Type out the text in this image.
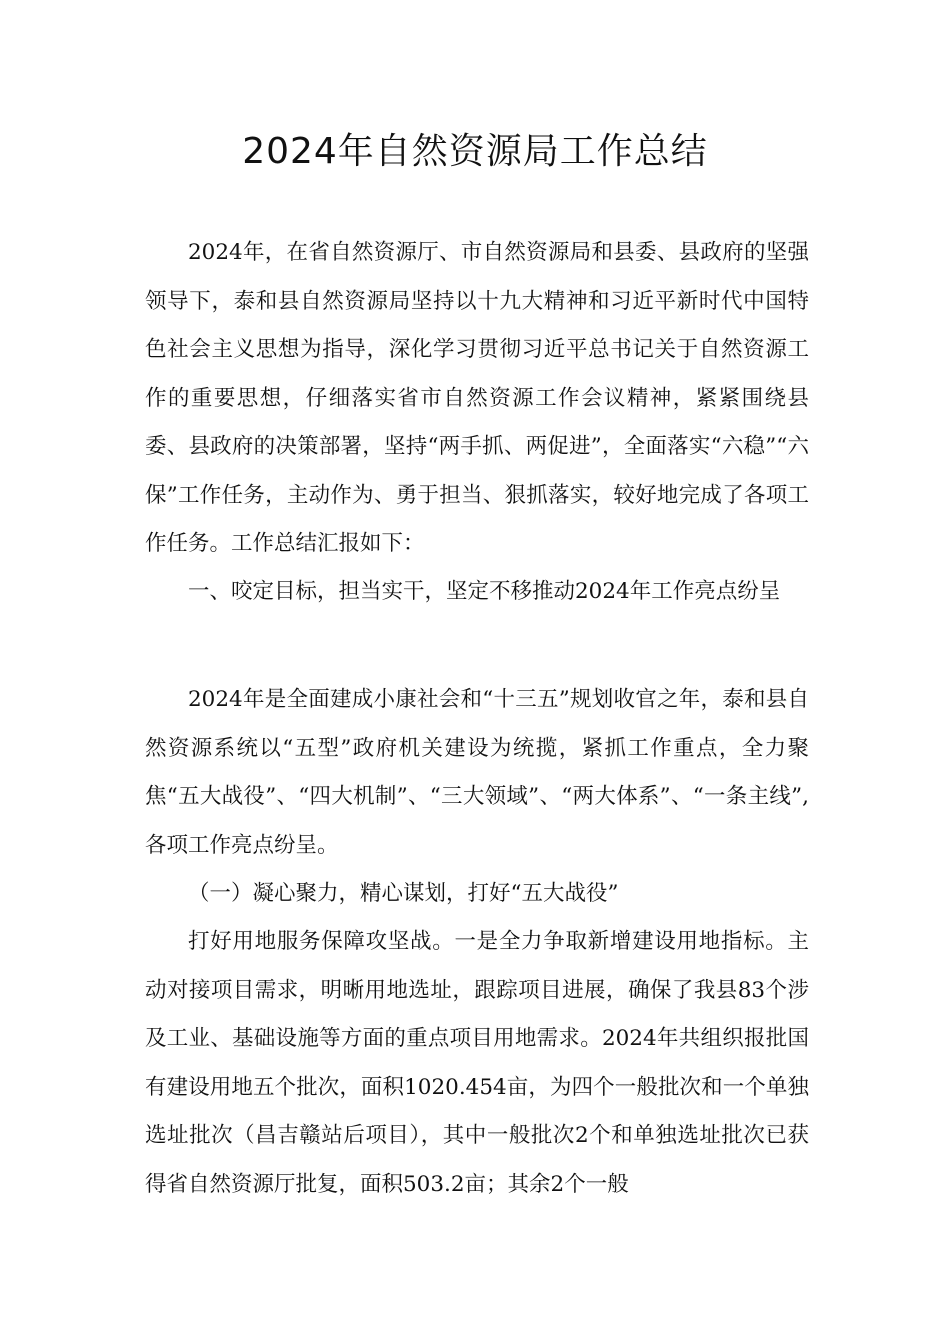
2024年自然资源局工作总结

2024年，在省自然资源厅、市自然资源局和县委、县政府的坚强领导下，泰和县自然资源局坚持以十九大精神和习近平新时代中国特色社会主义思想为指导，深化学习贯彻习近平总书记关于自然资源工作的重要思想，仔细落实省市自然资源工作会议精神，紧紧围绕县委、县政府的决策部署，坚持“两手抓、两促进”，全面落实“六稳”“六保”工作任务，主动作为、勇于担当、狠抓落实，较好地完成了各项工作任务。工作总结汇报如下：

一、咬定目标，担当实干，坚定不移推动2024年工作亮点纷呈

2024年是全面建成小康社会和“十三五”规划收官之年，泰和县自然资源系统以“五型”政府机关建设为统揽，紧抓工作重点，全力聚焦“五大战役”、“四大机制”、“三大领域”、“两大体系”、“一条主线”,各项工作亮点纷呈。

（一）凝心聚力，精心谋划，打好“五大战役”

打好用地服务保障攻坚战。一是全力争取新增建设用地指标。主动对接项目需求，明晰用地选址，跟踪项目进展，确保了我县83个涉及工业、基础设施等方面的重点项目用地需求。2024年共组织报批国有建设用地五个批次，面积1020.454亩，为四个一般批次和一个单独选址批次（昌吉赣站后项目），其中一般批次2个和单独选址批次已获得省自然资源厅批复，面积503.2亩；其余2个一般
